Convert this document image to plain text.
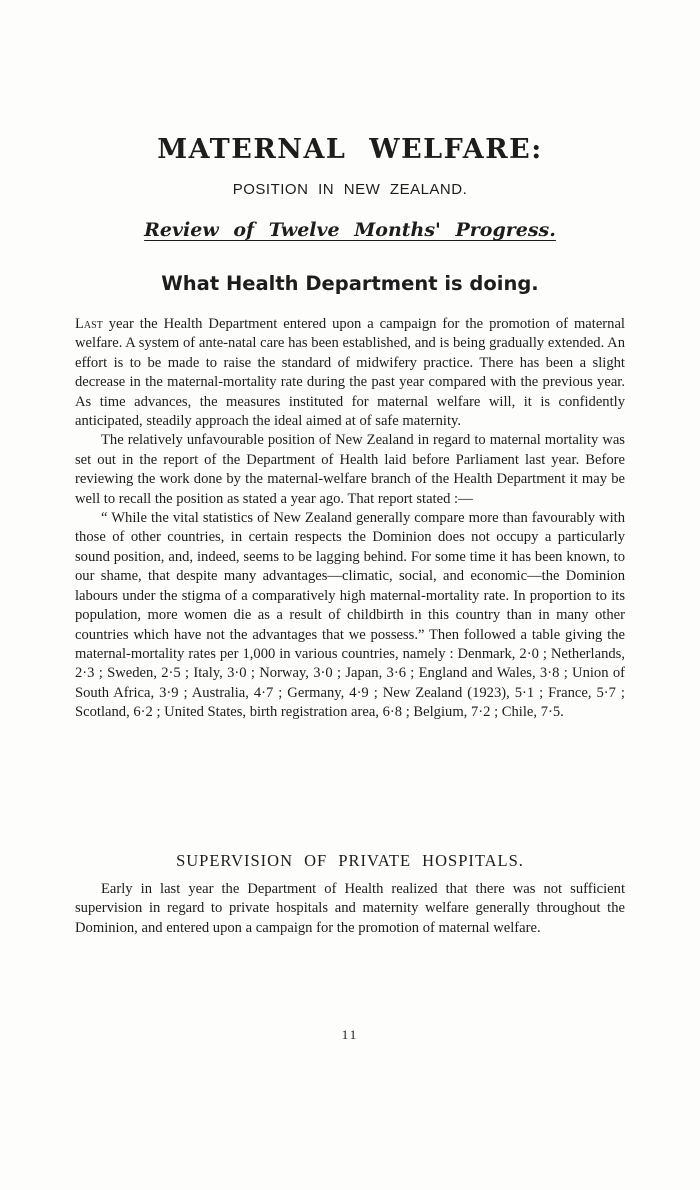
MATERNAL WELFARE:
POSITION IN NEW ZEALAND.
Review of Twelve Months' Progress.
What Health Department is doing.

Last year the Health Department entered upon a campaign for the promotion of maternal welfare. A system of ante-natal care has been established, and is being gradually extended. An effort is to be made to raise the standard of midwifery practice. There has been a slight decrease in the maternal-mortality rate during the past year compared with the previous year. As time advances, the measures instituted for maternal welfare will, it is confidently anticipated, steadily approach the ideal aimed at of safe maternity.

The relatively unfavourable position of New Zealand in regard to maternal mortality was set out in the report of the Department of Health laid before Parliament last year. Before reviewing the work done by the maternal-welfare branch of the Health Department it may be well to recall the position as stated a year ago. That report stated :—

“ While the vital statistics of New Zealand generally compare more than favourably with those of other countries, in certain respects the Dominion does not occupy a particularly sound position, and, indeed, seems to be lagging behind. For some time it has been known, to our shame, that despite many advantages—climatic, social, and economic—the Dominion labours under the stigma of a comparatively high maternal-mortality rate. In proportion to its population, more women die as a result of childbirth in this country than in many other countries which have not the advantages that we possess.” Then followed a table giving the maternal-mortality rates per 1,000 in various countries, namely : Denmark, 2·0 ; Netherlands, 2·3 ; Sweden, 2·5 ; Italy, 3·0 ; Norway, 3·0 ; Japan, 3·6 ; England and Wales, 3·8 ; Union of South Africa, 3·9 ; Australia, 4·7 ; Germany, 4·9 ; New Zealand (1923), 5·1 ; France, 5·7 ; Scotland, 6·2 ; United States, birth registration area, 6·8 ; Belgium, 7·2 ; Chile, 7·5.

SUPERVISION OF PRIVATE HOSPITALS.

Early in last year the Department of Health realized that there was not sufficient supervision in regard to private hospitals and maternity welfare generally throughout the Dominion, and entered upon a campaign for the promotion of maternal welfare.

11
